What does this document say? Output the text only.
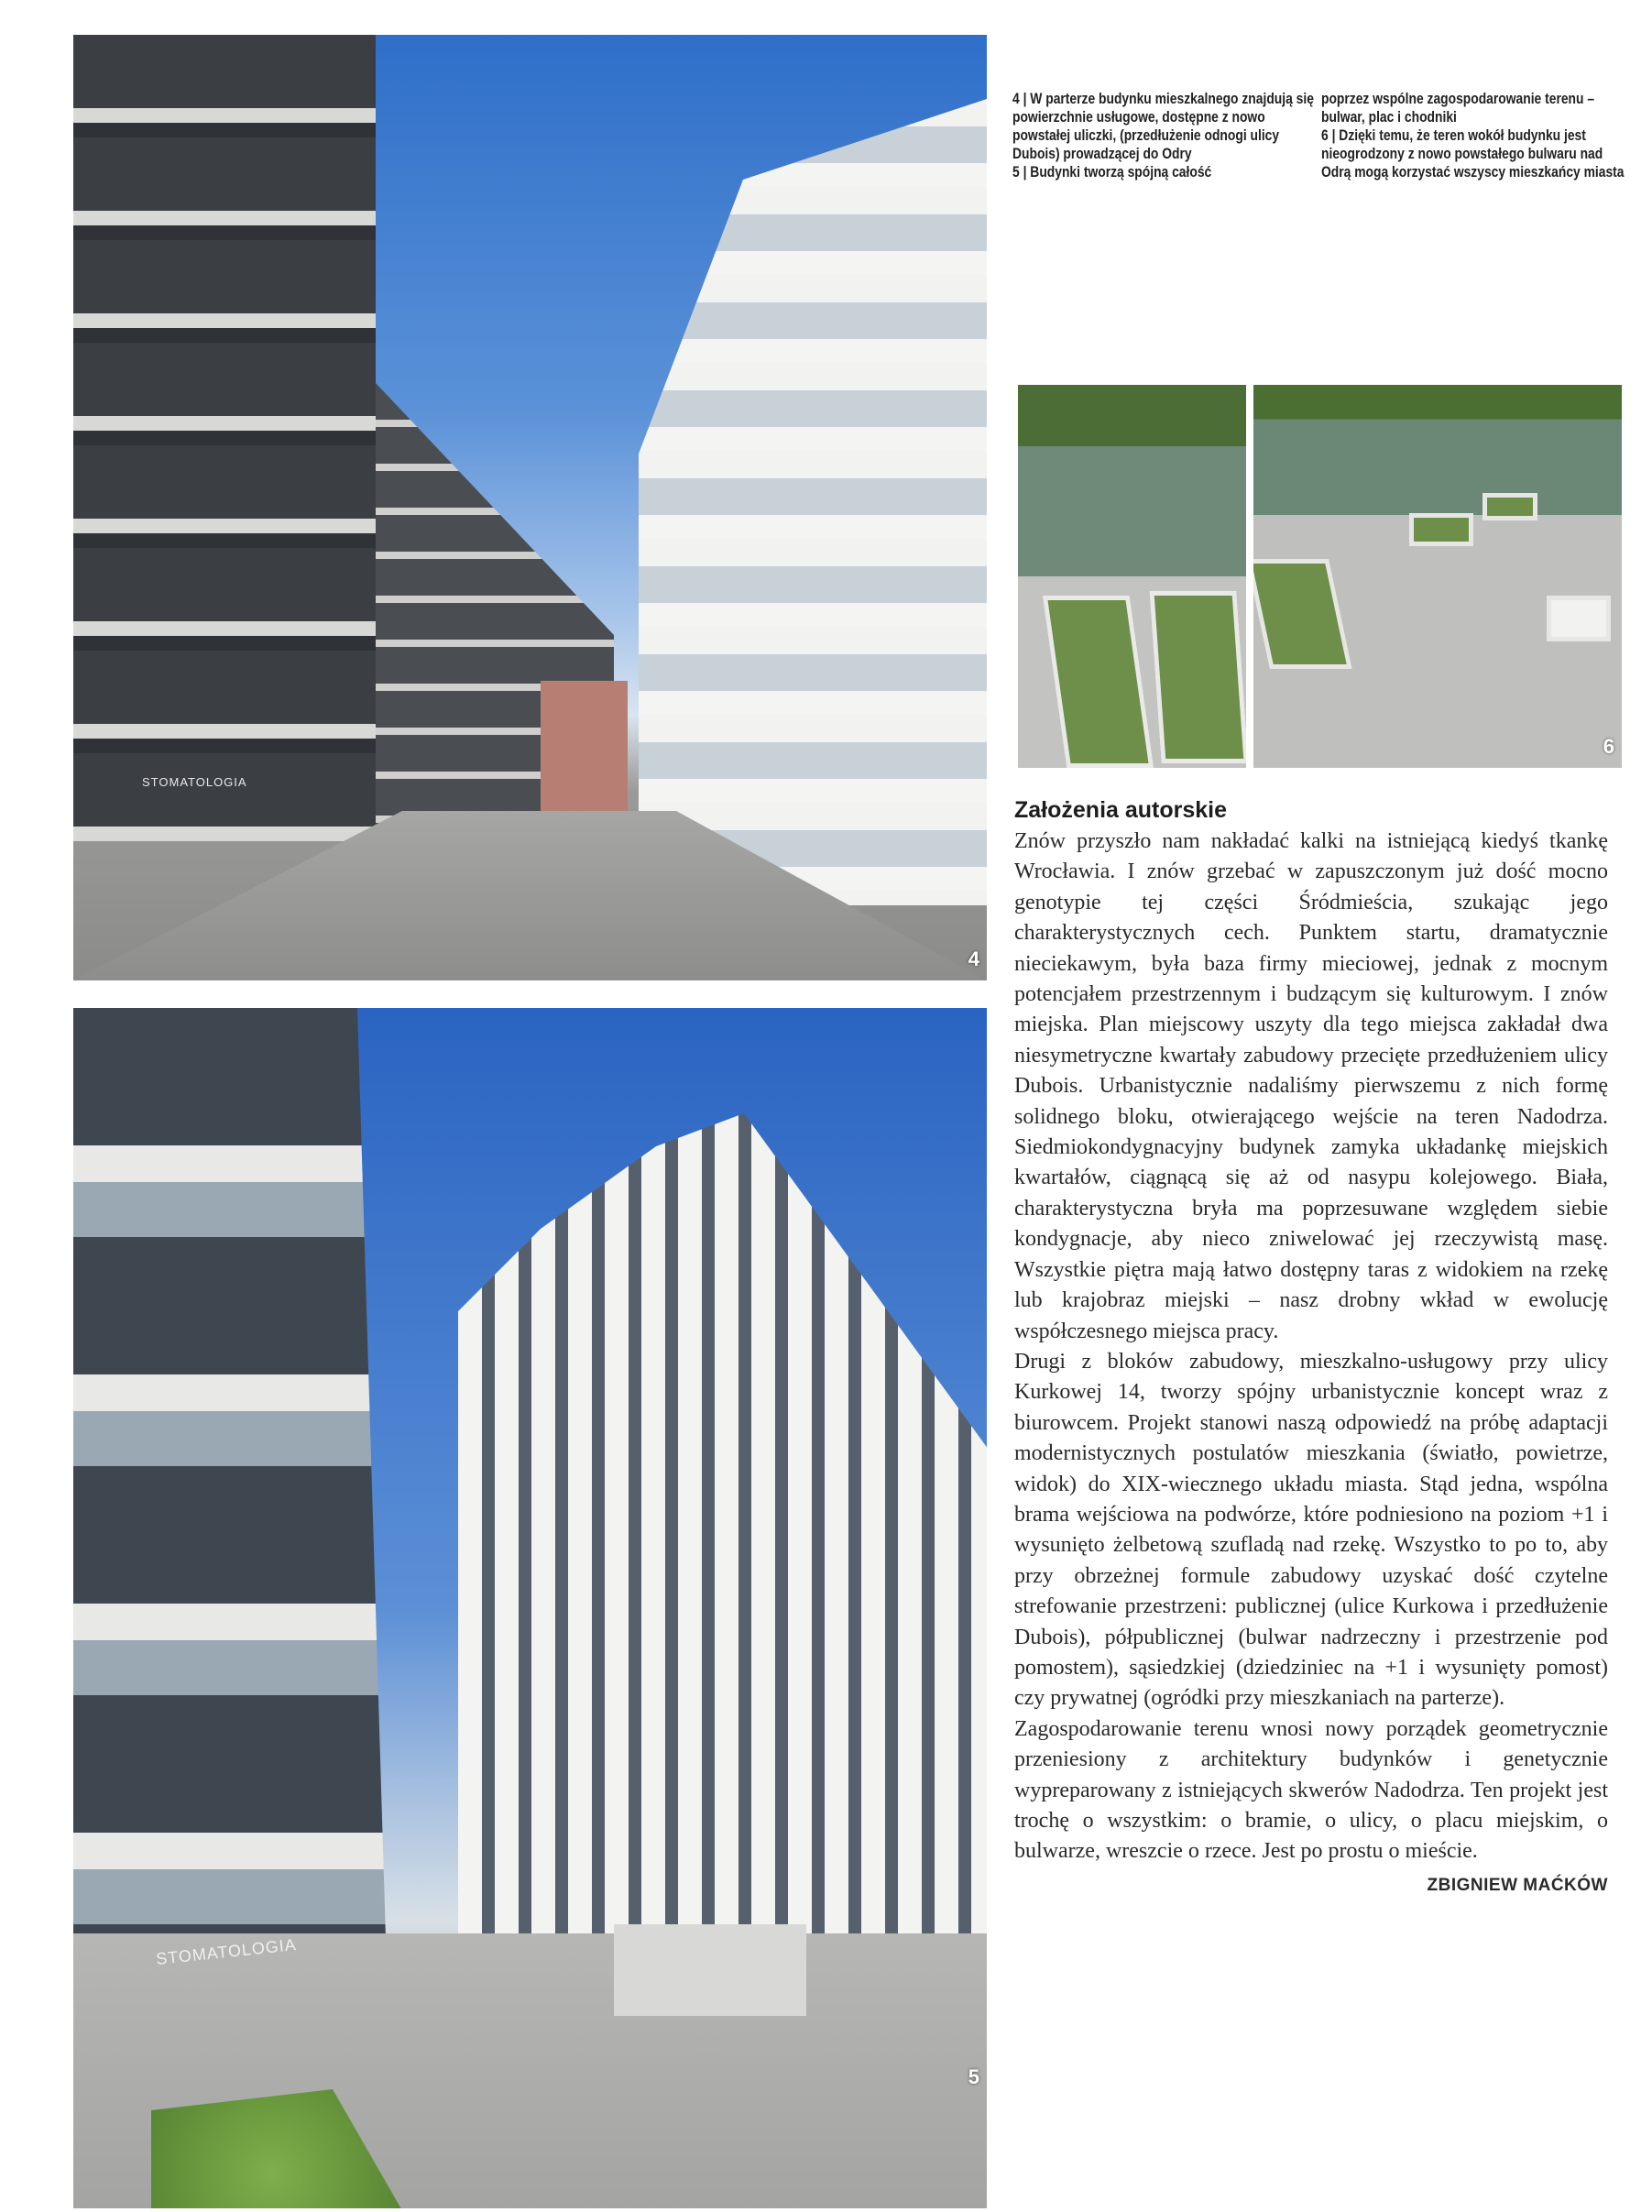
STOMATOLOGIA
4
STOMATOLOGIA
5
6

4 | W parterze budynku mieszkalnego znajdują się powierzchnie usługowe, dostępne z nowo powstałej uliczki, (przedłużenie odnogi ulicy Dubois) prowadzącej do Odry

5 | Budynki tworzą spójną całość

poprzez wspólne zagospodarowanie terenu – bulwar, plac i chodniki

6 | Dzięki temu, że teren wokół budynku jest nieogrodzony z nowo powstałego bulwaru nad Odrą mogą korzystać wszyscy mieszkańcy miasta

Założenia autorskie

Znów przyszło nam nakładać kalki na istniejącą kiedyś tkankę Wrocławia. I znów grzebać w zapuszczonym już dość mocno genotypie tej części Śródmieścia, szukając jego charakterystycznych cech. Punktem startu, dramatycznie nieciekawym, była baza firmy mieciowej, jednak z mocnym potencjałem przestrzennym i budzącym się kulturowym. I znów miejska. Plan miejscowy uszyty dla tego miejsca zakładał dwa niesymetryczne kwartały zabudowy przecięte przedłużeniem ulicy Dubois. Urbanistycznie nadaliśmy pierwszemu z nich formę solidnego bloku, otwierającego wejście na teren Nadodrza. Siedmiokondygnacyjny budynek zamyka układankę miejskich kwartałów, ciągnącą się aż od nasypu kolejowego. Biała, charakterystyczna bryła ma poprzesuwane względem siebie kondygnacje, aby nieco zniwelować jej rzeczywistą masę. Wszystkie piętra mają łatwo dostępny taras z widokiem na rzekę lub krajobraz miejski – nasz drobny wkład w ewolucję współczesnego miejsca pracy.

Drugi z bloków zabudowy, mieszkalno-usługowy przy ulicy Kurkowej 14, tworzy spójny urbanistycznie koncept wraz z biurowcem. Projekt stanowi naszą odpowiedź na próbę adaptacji modernistycznych postulatów mieszkania (światło, powietrze, widok) do XIX-wiecznego układu miasta. Stąd jedna, wspólna brama wejściowa na podwórze, które podniesiono na poziom +1 i wysunięto żelbetową szufladą nad rzekę. Wszystko to po to, aby przy obrzeżnej formule zabudowy uzyskać dość czytelne strefowanie przestrzeni: publicznej (ulice Kurkowa i przedłużenie Dubois), półpublicznej (bulwar nadrzeczny i przestrzenie pod pomostem), sąsiedzkiej (dziedziniec na +1 i wysunięty pomost) czy prywatnej (ogródki przy mieszkaniach na parterze).

Zagospodarowanie terenu wnosi nowy porządek geometrycznie przeniesiony z architektury budynków i genetycznie wypreparowany z istniejących skwerów Nadodrza. Ten projekt jest trochę o wszystkim: o bramie, o ulicy, o placu miejskim, o bulwarze, wreszcie o rzece. Jest po prostu o mieście.
ZBIGNIEW MAĆKÓW
